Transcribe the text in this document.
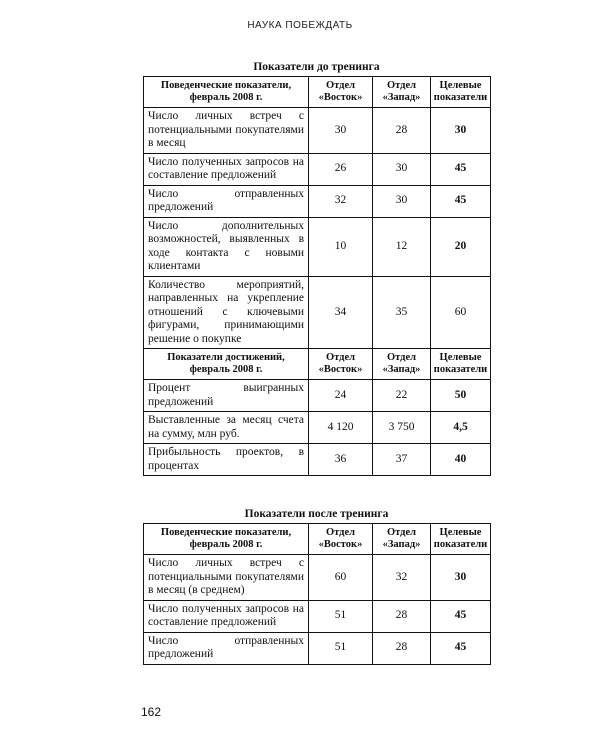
НАУКА ПОБЕЖДАТЬ
Показатели до тренинга
Поведенческие показатели, февраль 2008 г.	Отдел «Восток»	Отдел «Запад»	Целевые показатели
Число личных встреч с потенциальными покупателями в месяц	30	28	30
Число полученных запросов на составление предложений	26	30	45
Число отправленных предложений	32	30	45
Число дополнительных возможностей, выявленных в ходе контакта с новыми клиентами	10	12	20
Количество мероприятий, направленных на укрепление отношений с ключевыми фигурами, принимающими решение о покупке	34	35	60
Показатели достижений, февраль 2008 г.	Отдел «Восток»	Отдел «Запад»	Целевые показатели
Процент выигранных предложений	24	22	50
Выставленные за месяц счета на сумму, млн руб.	4 120	3 750	4,5
Прибыльность проектов, в процентах	36	37	40
Показатели после тренинга
Поведенческие показатели, февраль 2008 г.	Отдел «Восток»	Отдел «Запад»	Целевые показатели
Число личных встреч с потенциальными покупателями в месяц (в среднем)	60	32	30
Число полученных запросов на составление предложений	51	28	45
Число отправленных предложений	51	28	45
162
